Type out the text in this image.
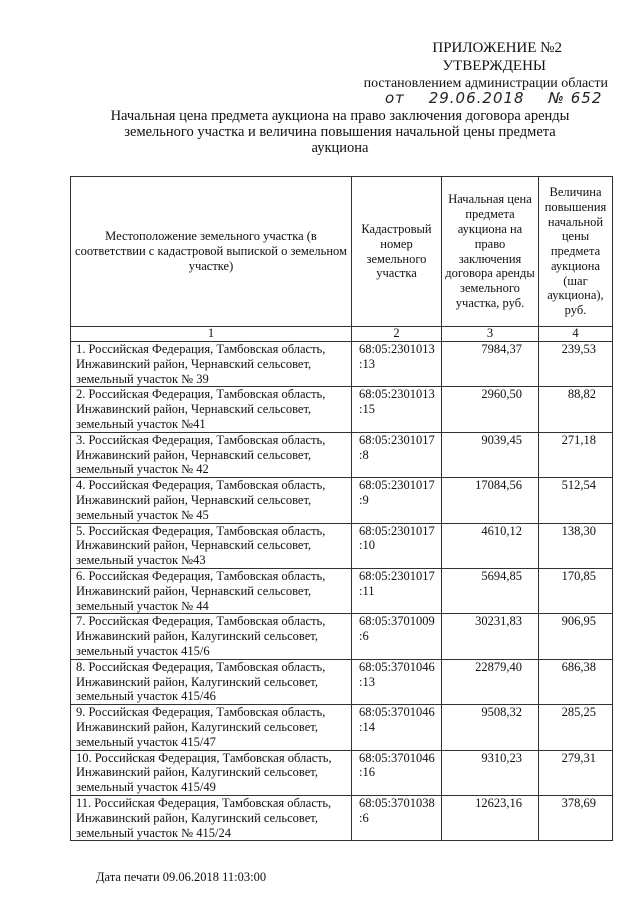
ПРИЛОЖЕНИЕ №2
УТВЕРЖДЕНЫ
постановлением администрации области
от 29.06.2018 № 652
Начальная цена предмета аукциона на право заключения договора аренды земельного участка и величина повышения начальной цены предмета аукциона
Местоположение земельного участка (в соответствии с кадастровой выпиской о земельном участке)	Кадастровый номер земельного участка	Начальная цена предмета аукциона на право заключения договора аренды земельного участка, руб.	Величина повышения начальной цены предмета аукциона (шаг аукциона), руб.
1	2	3	4
1. Российская Федерация, Тамбовская область, Инжавинский район, Чернавский сельсовет, земельный участок № 39	68:05:2301013 :13	7984,37	239,53
2. Российская Федерация, Тамбовская область, Инжавинский район, Чернавский сельсовет, земельный участок №41	68:05:2301013 :15	2960,50	88,82
3. Российская Федерация, Тамбовская область, Инжавинский район, Чернавский сельсовет, земельный участок № 42	68:05:2301017 :8	9039,45	271,18
4. Российская Федерация, Тамбовская область, Инжавинский район, Чернавский сельсовет, земельный участок № 45	68:05:2301017 :9	17084,56	512,54
5. Российская Федерация, Тамбовская область, Инжавинский район, Чернавский сельсовет, земельный участок №43	68:05:2301017 :10	4610,12	138,30
6. Российская Федерация, Тамбовская область, Инжавинский район, Чернавский сельсовет, земельный участок № 44	68:05:2301017 :11	5694,85	170,85
7. Российская Федерация, Тамбовская область, Инжавинский район, Калугинский сельсовет, земельный участок 415/6	68:05:3701009 :6	30231,83	906,95
8. Российская Федерация, Тамбовская область, Инжавинский район, Калугинский сельсовет, земельный участок 415/46	68:05:3701046 :13	22879,40	686,38
9. Российская Федерация, Тамбовская область, Инжавинский район, Калугинский сельсовет, земельный участок 415/47	68:05:3701046 :14	9508,32	285,25
10. Российская Федерация, Тамбовская область, Инжавинский район, Калугинский сельсовет, земельный участок 415/49	68:05:3701046 :16	9310,23	279,31
11. Российская Федерация, Тамбовская область, Инжавинский район, Калугинский сельсовет, земельный участок № 415/24	68:05:3701038 :6	12623,16	378,69
Дата печати 09.06.2018 11:03:00
